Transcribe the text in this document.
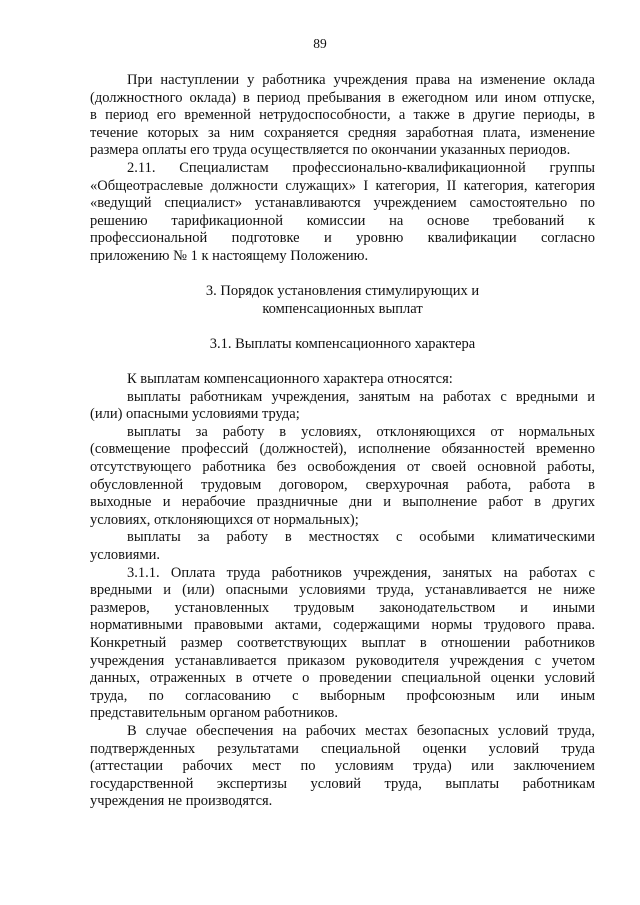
89
При наступлении у работника учреждения права на изменение оклада
(должностного оклада) в период пребывания в ежегодном или ином отпуске,
в период его временной нетрудоспособности, а также в другие периоды, в
течение которых за ним сохраняется средняя заработная плата, изменение
размера оплаты его труда осуществляется по окончании указанных периодов.
2.11. Специалистам профессионально-квалификационной группы
«Общеотраслевые должности служащих» I категория, II категория, категория
«ведущий специалист» устанавливаются учреждением самостоятельно по
решению тарификационной комиссии на основе требований к
профессиональной подготовке и уровню квалификации согласно
приложению № 1 к настоящему Положению.
3. Порядок установления стимулирующих и
компенсационных выплат
3.1. Выплаты компенсационного характера
К выплатам компенсационного характера относятся:
выплаты работникам учреждения, занятым на работах с вредными и
(или) опасными условиями труда;
выплаты за работу в условиях, отклоняющихся от нормальных
(совмещение профессий (должностей), исполнение обязанностей временно
отсутствующего работника без освобождения от своей основной работы,
обусловленной трудовым договором, сверхурочная работа, работа в
выходные и нерабочие праздничные дни и выполнение работ в других
условиях, отклоняющихся от нормальных);
выплаты за работу в местностях с особыми климатическими
условиями.
3.1.1. Оплата труда работников учреждения, занятых на работах с
вредными и (или) опасными условиями труда, устанавливается не ниже
размеров, установленных трудовым законодательством и иными
нормативными правовыми актами, содержащими нормы трудового права.
Конкретный размер соответствующих выплат в отношении работников
учреждения устанавливается приказом руководителя учреждения с учетом
данных, отраженных в отчете о проведении специальной оценки условий
труда, по согласованию с выборным профсоюзным или иным
представительным органом работников.
В случае обеспечения на рабочих местах безопасных условий труда,
подтвержденных результатами специальной оценки условий труда
(аттестации рабочих мест по условиям труда) или заключением
государственной экспертизы условий труда, выплаты работникам
учреждения не производятся.
